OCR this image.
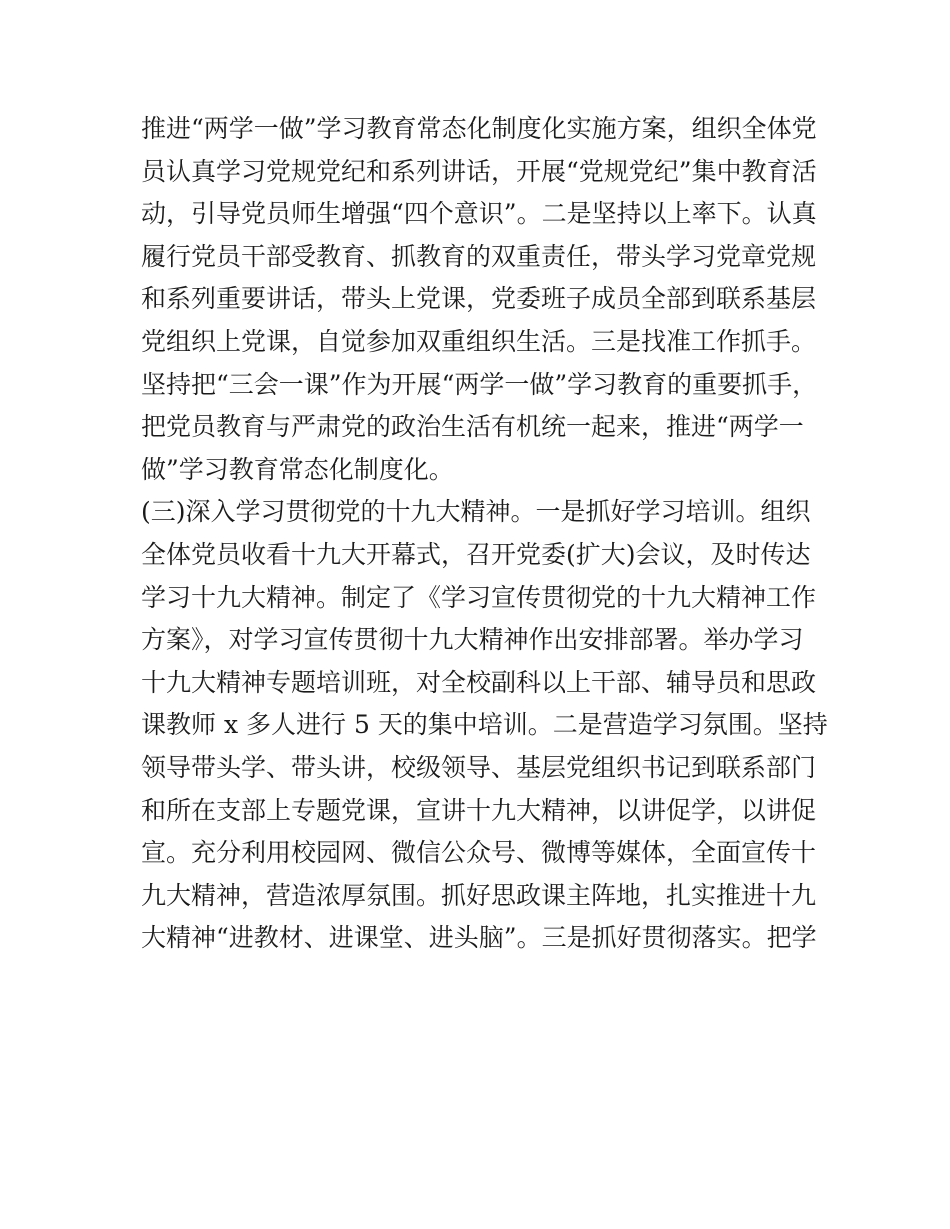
推进“两学一做”学习教育常态化制度化实施方案，组织全体党
员认真学习党规党纪和系列讲话，开展“党规党纪”集中教育活
动，引导党员师生增强“四个意识”。二是坚持以上率下。认真
履行党员干部受教育、抓教育的双重责任，带头学习党章党规
和系列重要讲话，带头上党课，党委班子成员全部到联系基层
党组织上党课，自觉参加双重组织生活。三是找准工作抓手。
坚持把“三会一课”作为开展“两学一做”学习教育的重要抓手，
把党员教育与严肃党的政治生活有机统一起来，推进“两学一
做”学习教育常态化制度化。
(三)深入学习贯彻党的十九大精神。一是抓好学习培训。组织
全体党员收看十九大开幕式，召开党委(扩大)会议，及时传达
学习十九大精神。制定了《学习宣传贯彻党的十九大精神工作
方案》，对学习宣传贯彻十九大精神作出安排部署。举办学习
十九大精神专题培训班，对全校副科以上干部、辅导员和思政
课教师 x 多人进行 5 天的集中培训。二是营造学习氛围。坚持
领导带头学、带头讲，校级领导、基层党组织书记到联系部门
和所在支部上专题党课，宣讲十九大精神，以讲促学，以讲促
宣。充分利用校园网、微信公众号、微博等媒体，全面宣传十
九大精神，营造浓厚氛围。抓好思政课主阵地，扎实推进十九
大精神“进教材、进课堂、进头脑”。三是抓好贯彻落实。把学
